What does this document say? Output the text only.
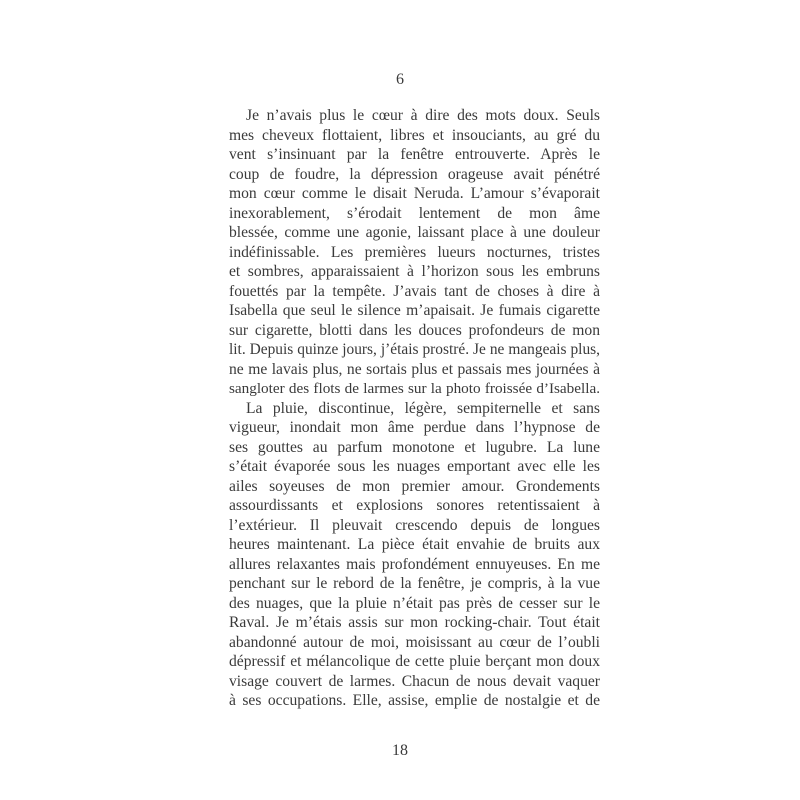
6
Je n’avais plus le cœur à dire des mots doux. Seuls
mes cheveux flottaient, libres et insouciants, au gré du
vent s’insinuant par la fenêtre entrouverte. Après le
coup de foudre, la dépression orageuse avait pénétré
mon cœur comme le disait Neruda. L’amour s’évaporait
inexorablement, s’érodait lentement de mon âme
blessée, comme une agonie, laissant place à une douleur
indéfinissable. Les premières lueurs nocturnes, tristes
et sombres, apparaissaient à l’horizon sous les embruns
fouettés par la tempête. J’avais tant de choses à dire à
Isabella que seul le silence m’apaisait. Je fumais cigarette
sur cigarette, blotti dans les douces profondeurs de mon
lit. Depuis quinze jours, j’étais prostré. Je ne mangeais plus,
ne me lavais plus, ne sortais plus et passais mes journées à
sangloter des flots de larmes sur la photo froissée d’Isabella.
La pluie, discontinue, légère, sempiternelle et sans
vigueur, inondait mon âme perdue dans l’hypnose de
ses gouttes au parfum monotone et lugubre. La lune
s’était évaporée sous les nuages emportant avec elle les
ailes soyeuses de mon premier amour. Grondements
assourdissants et explosions sonores retentissaient à
l’extérieur. Il pleuvait crescendo depuis de longues
heures maintenant. La pièce était envahie de bruits aux
allures relaxantes mais profondément ennuyeuses. En me
penchant sur le rebord de la fenêtre, je compris, à la vue
des nuages, que la pluie n’était pas près de cesser sur le
Raval. Je m’étais assis sur mon rocking-chair. Tout était
abandonné autour de moi, moisissant au cœur de l’oubli
dépressif et mélancolique de cette pluie berçant mon doux
visage couvert de larmes. Chacun de nous devait vaquer
à ses occupations. Elle, assise, emplie de nostalgie et de
18
